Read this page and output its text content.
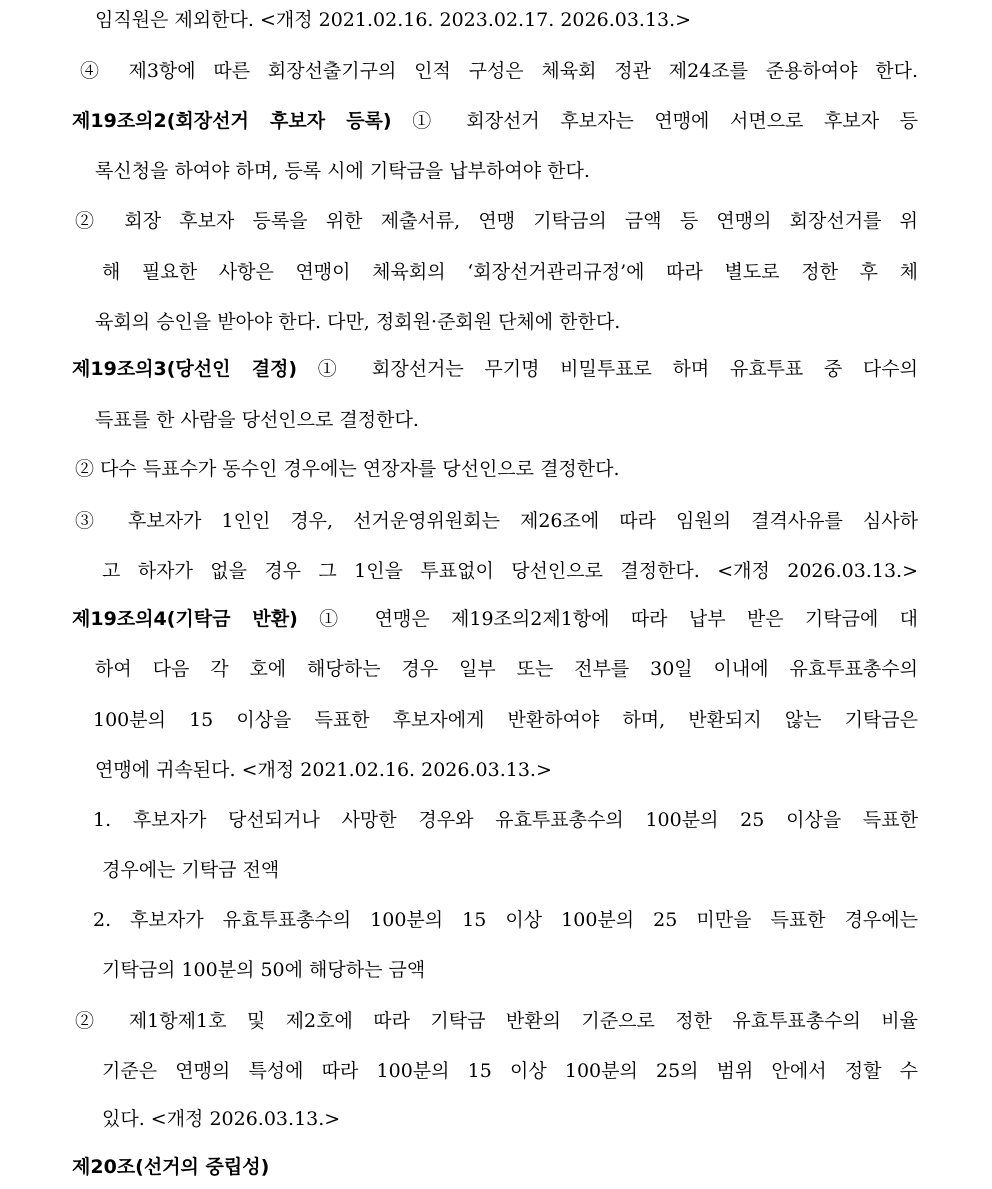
임직원은 제외한다. <개정 2021.02.16. 2023.02.17. 2026.03.13.>
④ 제3항에 따른 회장선출기구의 인적 구성은 체육회 정관 제24조를 준용하여야 한다.
제19조의2(회장선거 후보자 등록) ① 회장선거 후보자는 연맹에 서면으로 후보자 등
록신청을 하여야 하며, 등록 시에 기탁금을 납부하여야 한다.
② 회장 후보자 등록을 위한 제출서류, 연맹 기탁금의 금액 등 연맹의 회장선거를 위
해 필요한 사항은 연맹이 체육회의 ‘회장선거관리규정’에 따라 별도로 정한 후 체
육회의 승인을 받아야 한다. 다만, 정회원·준회원 단체에 한한다.
제19조의3(당선인 결정) ① 회장선거는 무기명 비밀투표로 하며 유효투표 중 다수의
득표를 한 사람을 당선인으로 결정한다.
② 다수 득표수가 동수인 경우에는 연장자를 당선인으로 결정한다.
③ 후보자가 1인인 경우, 선거운영위원회는 제26조에 따라 임원의 결격사유를 심사하
고 하자가 없을 경우 그 1인을 투표없이 당선인으로 결정한다. <개정 2026.03.13.>
제19조의4(기탁금 반환) ① 연맹은 제19조의2제1항에 따라 납부 받은 기탁금에 대
하여 다음 각 호에 해당하는 경우 일부 또는 전부를 30일 이내에 유효투표총수의
100분의 15 이상을 득표한 후보자에게 반환하여야 하며, 반환되지 않는 기탁금은
연맹에 귀속된다. <개정 2021.02.16. 2026.03.13.>
1. 후보자가 당선되거나 사망한 경우와 유효투표총수의 100분의 25 이상을 득표한
경우에는 기탁금 전액
2. 후보자가 유효투표총수의 100분의 15 이상 100분의 25 미만을 득표한 경우에는
기탁금의 100분의 50에 해당하는 금액
② 제1항제1호 및 제2호에 따라 기탁금 반환의 기준으로 정한 유효투표총수의 비율
기준은 연맹의 특성에 따라 100분의 15 이상 100분의 25의 범위 안에서 정할 수
있다. <개정 2026.03.13.>
제20조(선거의 중립성)
